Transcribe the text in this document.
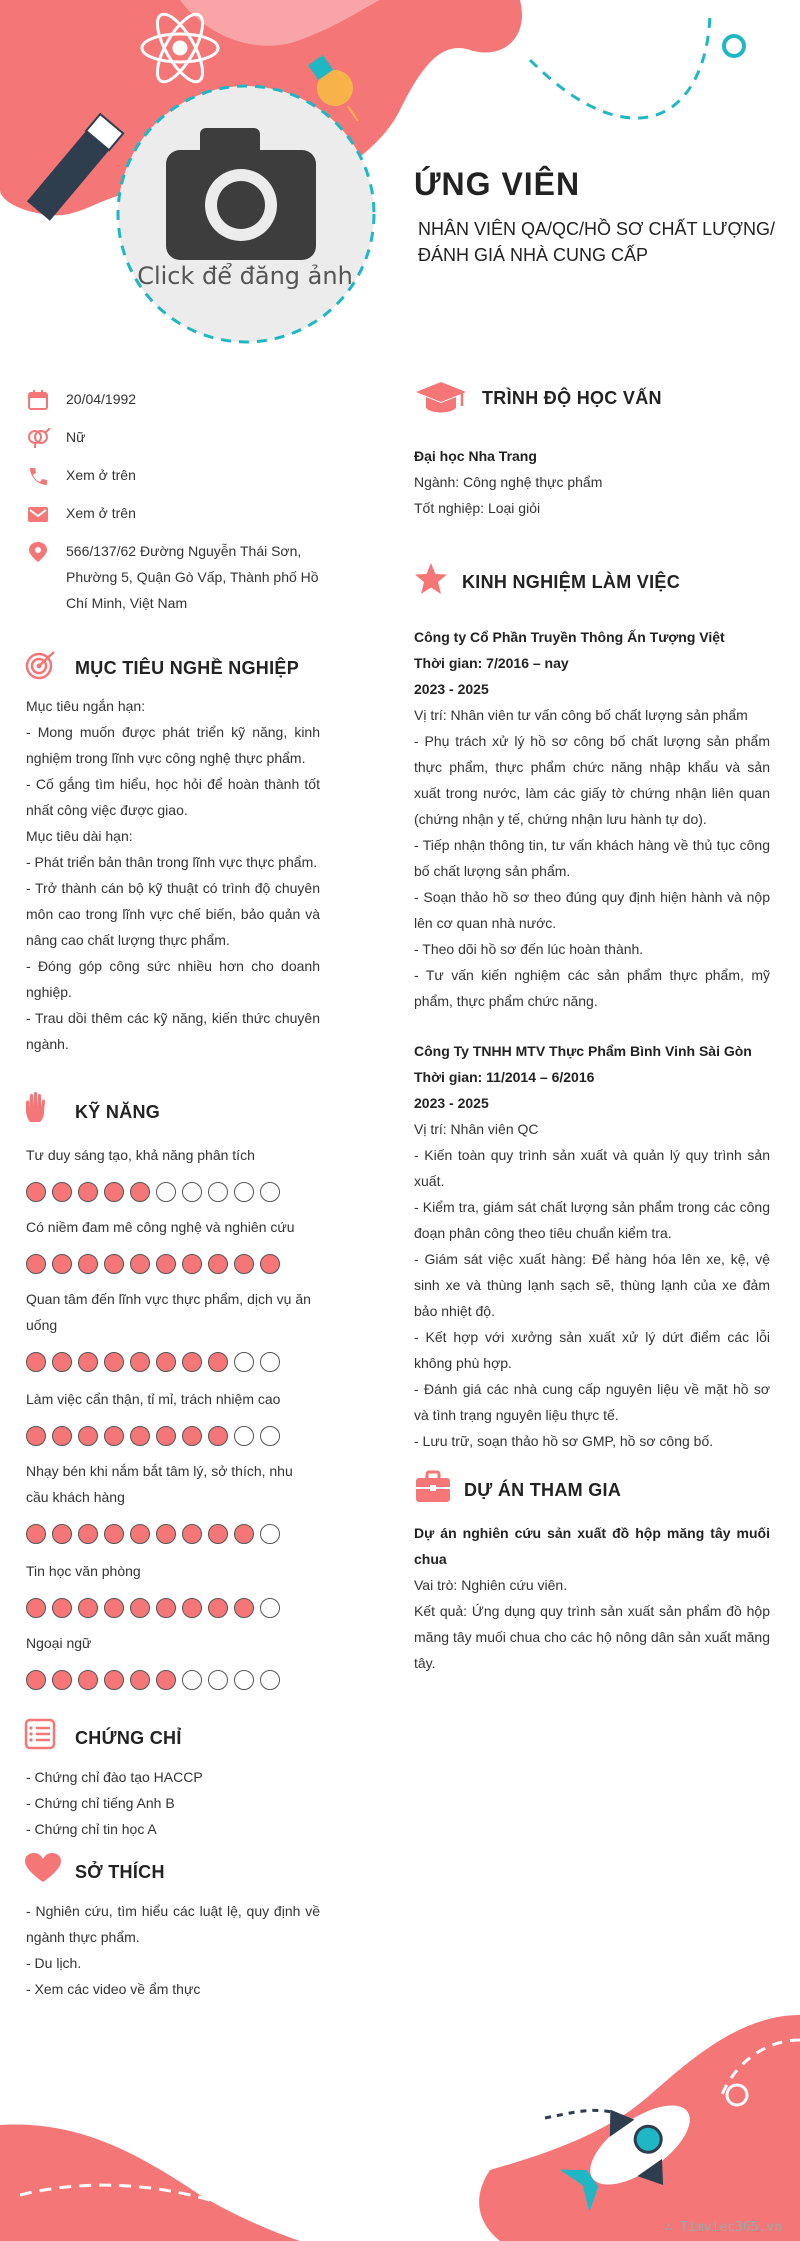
Click để đăng ảnh
ỨNG VIÊN
NHÂN VIÊN QA/QC/HỒ SƠ CHẤT LƯỢNG/
ĐÁNH GIÁ NHÀ CUNG CẤP
20/04/1992
Nữ
Xem ở trên
Xem ở trên
566/137/62 Đường Nguyễn Thái Sơn,
Phường 5, Quận Gò Vấp, Thành phố Hồ
Chí Minh, Việt Nam
MỤC TIÊU NGHỀ NGHIỆP

Mục tiêu ngắn hạn:

- Mong muốn được phát triển kỹ năng, kinh nghiệm trong lĩnh vực công nghệ thực phẩm.

- Cố gắng tìm hiểu, học hỏi để hoàn thành tốt nhất công việc được giao.

Mục tiêu dài hạn:

- Phát triển bản thân trong lĩnh vực thực phẩm.

- Trở thành cán bộ kỹ thuật có trình độ chuyên môn cao trong lĩnh vực chế biến, bảo quản và nâng cao chất lượng thực phẩm.

- Đóng góp công sức nhiều hơn cho doanh nghiệp.

- Trau dồi thêm các kỹ năng, kiến thức chuyên ngành.

KỸ NĂNG
Tư duy sáng tạo, khả năng phân tích
Có niềm đam mê công nghệ và nghiên cứu
Quan tâm đến lĩnh vực thực phẩm, dịch vụ ăn uống
Làm việc cẩn thận, tỉ mỉ, trách nhiệm cao
Nhạy bén khi nắm bắt tâm lý, sở thích, nhu cầu khách hàng
Tin học văn phòng
Ngoại ngữ
CHỨNG CHỈ

- Chứng chỉ đào tạo HACCP

- Chứng chỉ tiếng Anh B

- Chứng chỉ tin học A

SỞ THÍCH

- Nghiên cứu, tìm hiểu các luật lệ, quy định về ngành thực phẩm.

- Du lịch.

- Xem các video về ẩm thực

TRÌNH ĐỘ HỌC VẤN

Đại học Nha Trang

Ngành: Công nghệ thực phẩm

Tốt nghiệp: Loại giỏi

KINH NGHIỆM LÀM VIỆC

Công ty Cổ Phần Truyền Thông Ấn Tượng Việt

Thời gian: 7/2016 – nay

2023 - 2025

Vị trí: Nhân viên tư vấn công bố chất lượng sản phẩm

- Phụ trách xử lý hồ sơ công bố chất lượng sản phẩm thực phẩm, thực phẩm chức năng nhập khẩu và sản xuất trong nước, làm các giấy tờ chứng nhận liên quan (chứng nhận y tế, chứng nhận lưu hành tự do).

- Tiếp nhận thông tin, tư vấn khách hàng về thủ tục công bố chất lượng sản phẩm.

- Soạn thảo hồ sơ theo đúng quy định hiện hành và nộp lên cơ quan nhà nước.

- Theo dõi hồ sơ đến lúc hoàn thành.

- Tư vấn kiến nghiệm các sản phẩm thực phẩm, mỹ phẩm, thực phẩm chức năng.

Công Ty TNHH MTV Thực Phẩm Bình Vinh Sài Gòn

Thời gian: 11/2014 – 6/2016

2023 - 2025

Vị trí: Nhân viên QC

- Kiến toàn quy trình sản xuất và quản lý quy trình sản xuất.

- Kiểm tra, giám sát chất lượng sản phẩm trong các công đoạn phân công theo tiêu chuẩn kiểm tra.

- Giám sát việc xuất hàng: Để hàng hóa lên xe, kệ, vệ sinh xe và thùng lạnh sạch sẽ, thùng lạnh của xe đảm bảo nhiệt độ.

- Kết hợp với xưởng sản xuất xử lý dứt điểm các lỗi không phù hợp.

- Đánh giá các nhà cung cấp nguyên liệu về mặt hồ sơ và tình trạng nguyên liệu thực tế.

- Lưu trữ, soạn thảo hồ sơ GMP, hồ sơ công bố.

DỰ ÁN THAM GIA

Dự án nghiên cứu sản xuất đồ hộp măng tây muối chua

Vai trò: Nghiên cứu viên.

Kết quả: Ứng dụng quy trình sản xuất sản phẩm đồ hộp măng tây muối chua cho các hộ nông dân sản xuất măng tây.

∴ Timviec365.vn
